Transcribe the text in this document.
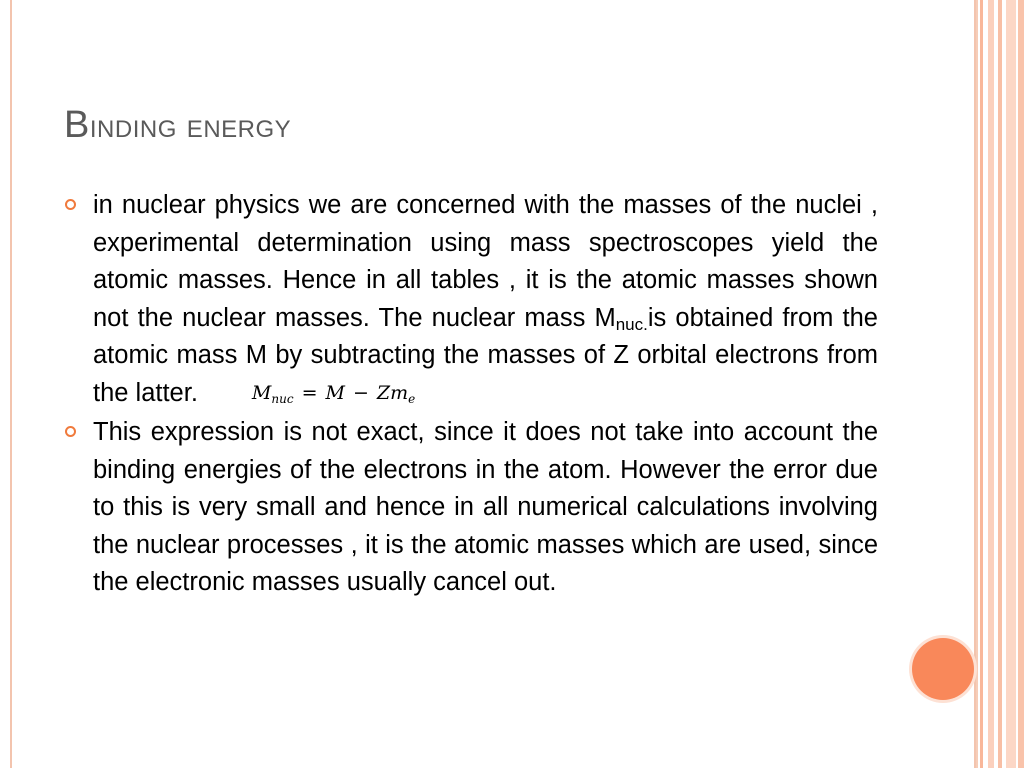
Binding energy
in nuclear physics we are concerned with the masses of the nuclei , experimental determination using mass spectroscopes yield the atomic masses. Hence in all tables , it is the atomic masses shown not the nuclear masses. The nuclear mass $M_{nuc.}is$ obtained from the atomic mass M by subtracting the masses of Z orbital electrons from the latter.	$M_{nuc} = M - Zm_e$
This expression is not exact, since it does not take into account the binding energies of the electrons in the atom. However the error due to this is very small and hence in all numerical calculations involving the nuclear processes , it is the atomic masses which are used, since the electronic masses usually cancel out.
